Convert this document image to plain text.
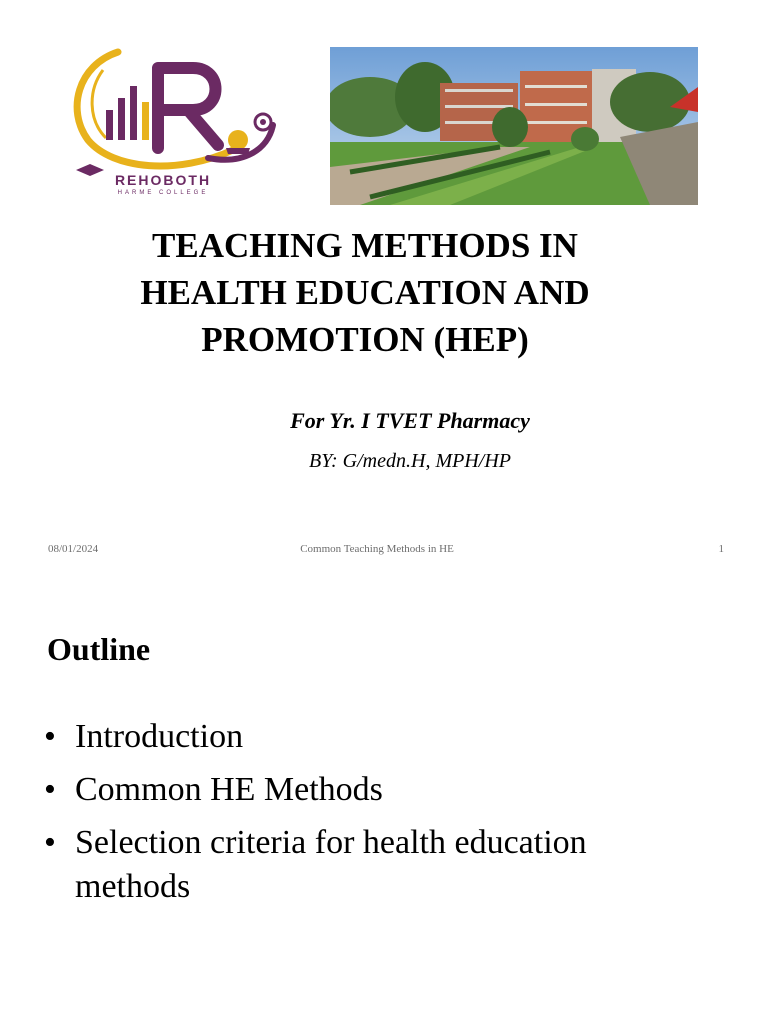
REHOBOTH
HARME COLLEGE
TEACHING METHODS IN
HEALTH EDUCATION AND
PROMOTION (HEP)
For Yr. I TVET Pharmacy
BY: G/medn.H, MPH/HP
08/01/2024	Common Teaching Methods in HE	1
Outline
• Introduction
• Common HE Methods
• Selection criteria for health education methods
